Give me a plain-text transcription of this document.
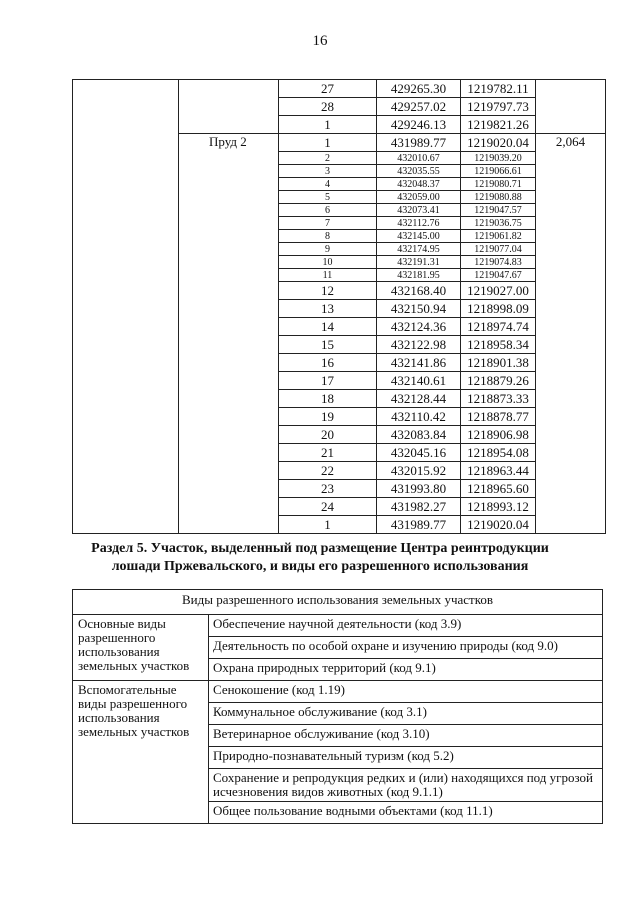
16
		27	429265.30	1219782.11	
		28	429257.02	1219797.73	
		1	429246.13	1219821.26	
	Пруд 2	1	431989.77	1219020.04	2,064
		2	432010.67	1219039.20	
		3	432035.55	1219066.61	
		4	432048.37	1219080.71	
		5	432059.00	1219080.88	
		6	432073.41	1219047.57	
		7	432112.76	1219036.75	
		8	432145.00	1219061.82	
		9	432174.95	1219077.04	
		10	432191.31	1219074.83	
		11	432181.95	1219047.67	
		12	432168.40	1219027.00	
		13	432150.94	1218998.09	
		14	432124.36	1218974.74	
		15	432122.98	1218958.34	
		16	432141.86	1218901.38	
		17	432140.61	1218879.26	
		18	432128.44	1218873.33	
		19	432110.42	1218878.77	
		20	432083.84	1218906.98	
		21	432045.16	1218954.08	
		22	432015.92	1218963.44	
		23	431993.80	1218965.60	
		24	431982.27	1218993.12	
		1	431989.77	1219020.04	
Раздел 5. Участок, выделенный под размещение Центра реинтродукции
лошади Пржевальского, и виды его разрешенного использования
Виды разрешенного использования земельных участков	
Основные виды разрешенного использования земельных участков	Обеспечение научной деятельности (код 3.9)
	Деятельность по особой охране и изучению природы (код 9.0)
	Охрана природных территорий (код 9.1)
Вспомогательные виды разрешенного использования земельных участков	Сенокошение (код 1.19)
	Коммунальное обслуживание (код 3.1)
	Ветеринарное обслуживание (код 3.10)
	Природно-познавательный туризм (код 5.2)
	Сохранение и репродукция редких и (или) находящихся под угрозой исчезновения видов животных (код 9.1.1)
	Общее пользование водными объектами (код 11.1)
